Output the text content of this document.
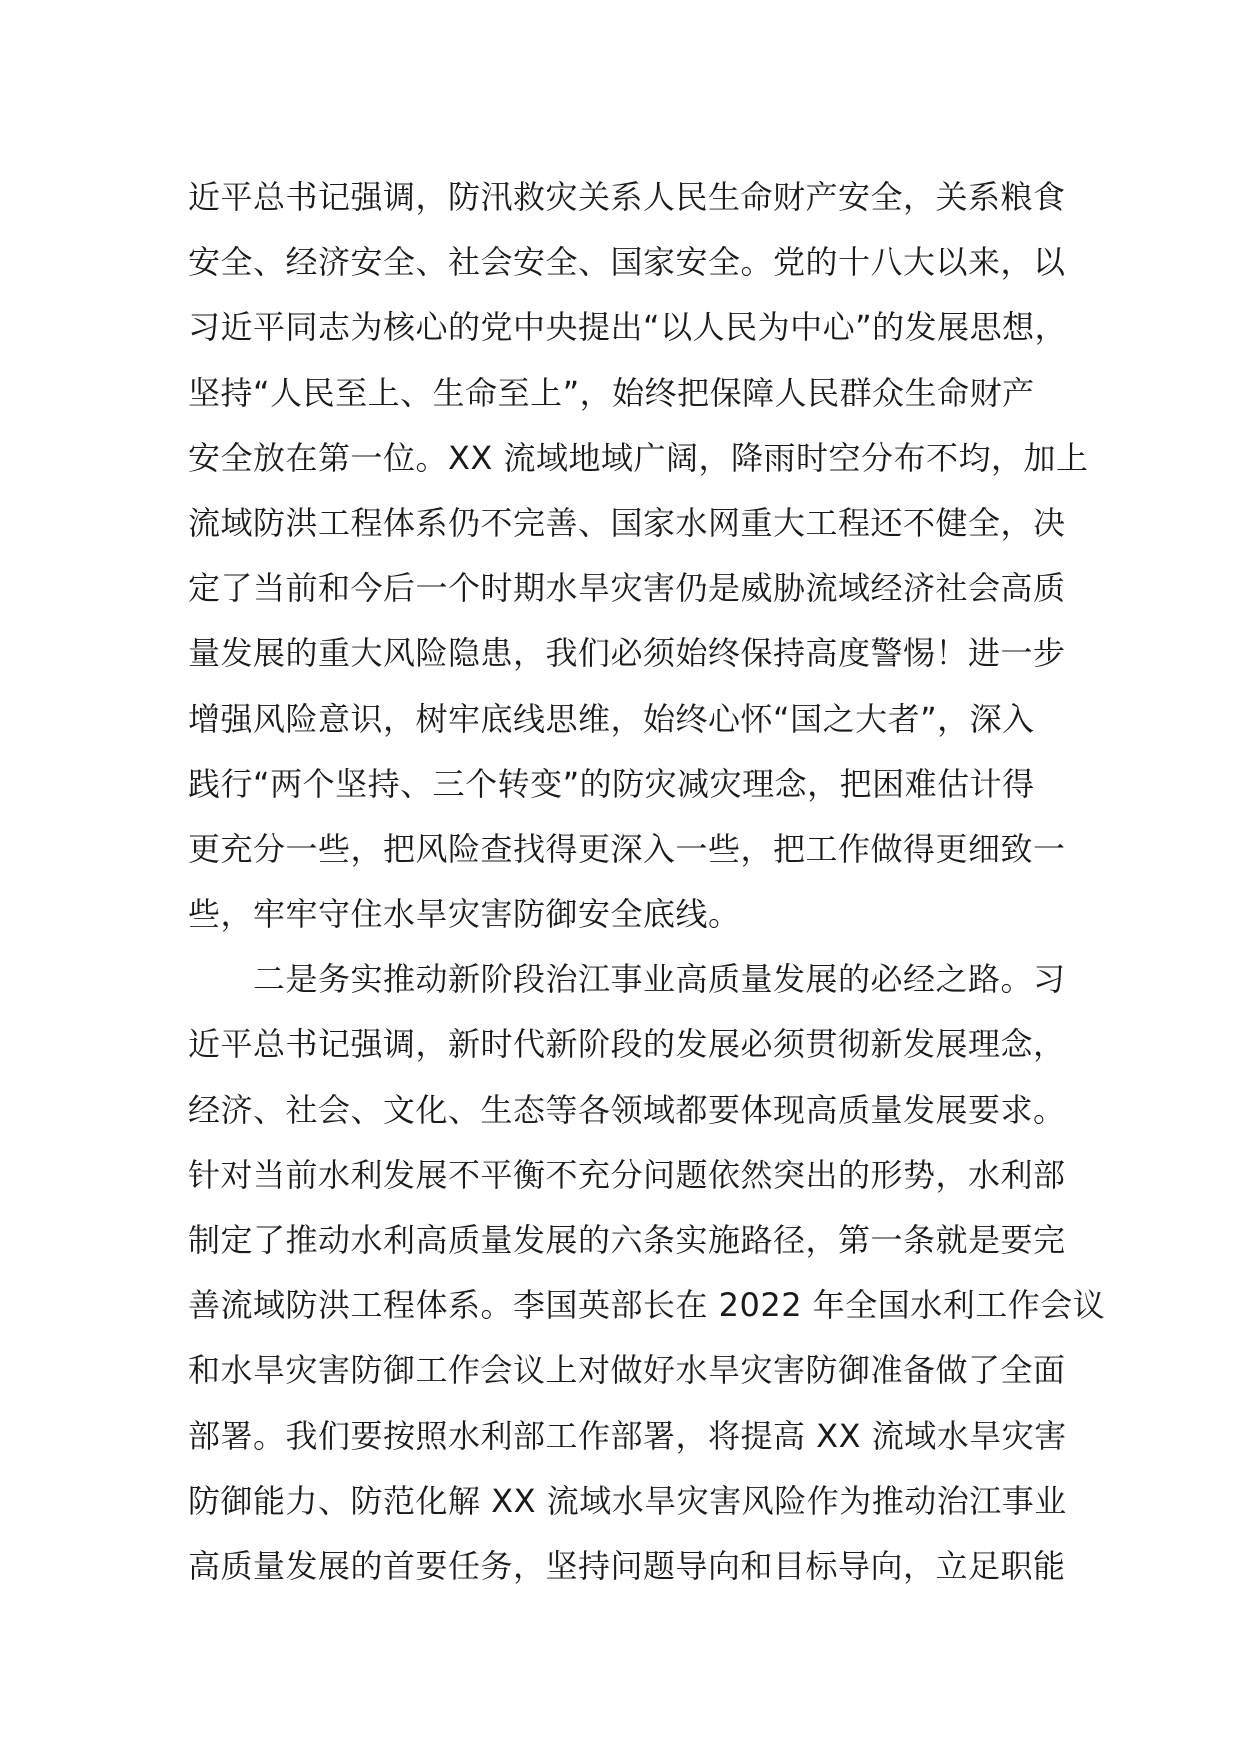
近平总书记强调，防汛救灾关系人民生命财产安全，关系粮食
安全、经济安全、社会安全、国家安全。党的十八大以来，以
习近平同志为核心的党中央提出“以人民为中心”的发展思想，
坚持“人民至上、生命至上”，始终把保障人民群众生命财产
安全放在第一位。XX 流域地域广阔，降雨时空分布不均，加上
流域防洪工程体系仍不完善、国家水网重大工程还不健全，决
定了当前和今后一个时期水旱灾害仍是威胁流域经济社会高质
量发展的重大风险隐患，我们必须始终保持高度警惕！进一步
增强风险意识，树牢底线思维，始终心怀“国之大者”，深入
践行“两个坚持、三个转变”的防灾减灾理念，把困难估计得
更充分一些，把风险查找得更深入一些，把工作做得更细致一
些，牢牢守住水旱灾害防御安全底线。
　　二是务实推动新阶段治江事业高质量发展的必经之路。习
近平总书记强调，新时代新阶段的发展必须贯彻新发展理念，
经济、社会、文化、生态等各领域都要体现高质量发展要求。
针对当前水利发展不平衡不充分问题依然突出的形势，水利部
制定了推动水利高质量发展的六条实施路径，第一条就是要完
善流域防洪工程体系。李国英部长在 2022 年全国水利工作会议
和水旱灾害防御工作会议上对做好水旱灾害防御准备做了全面
部署。我们要按照水利部工作部署，将提高 XX 流域水旱灾害
防御能力、防范化解 XX 流域水旱灾害风险作为推动治江事业
高质量发展的首要任务，坚持问题导向和目标导向，立足职能
